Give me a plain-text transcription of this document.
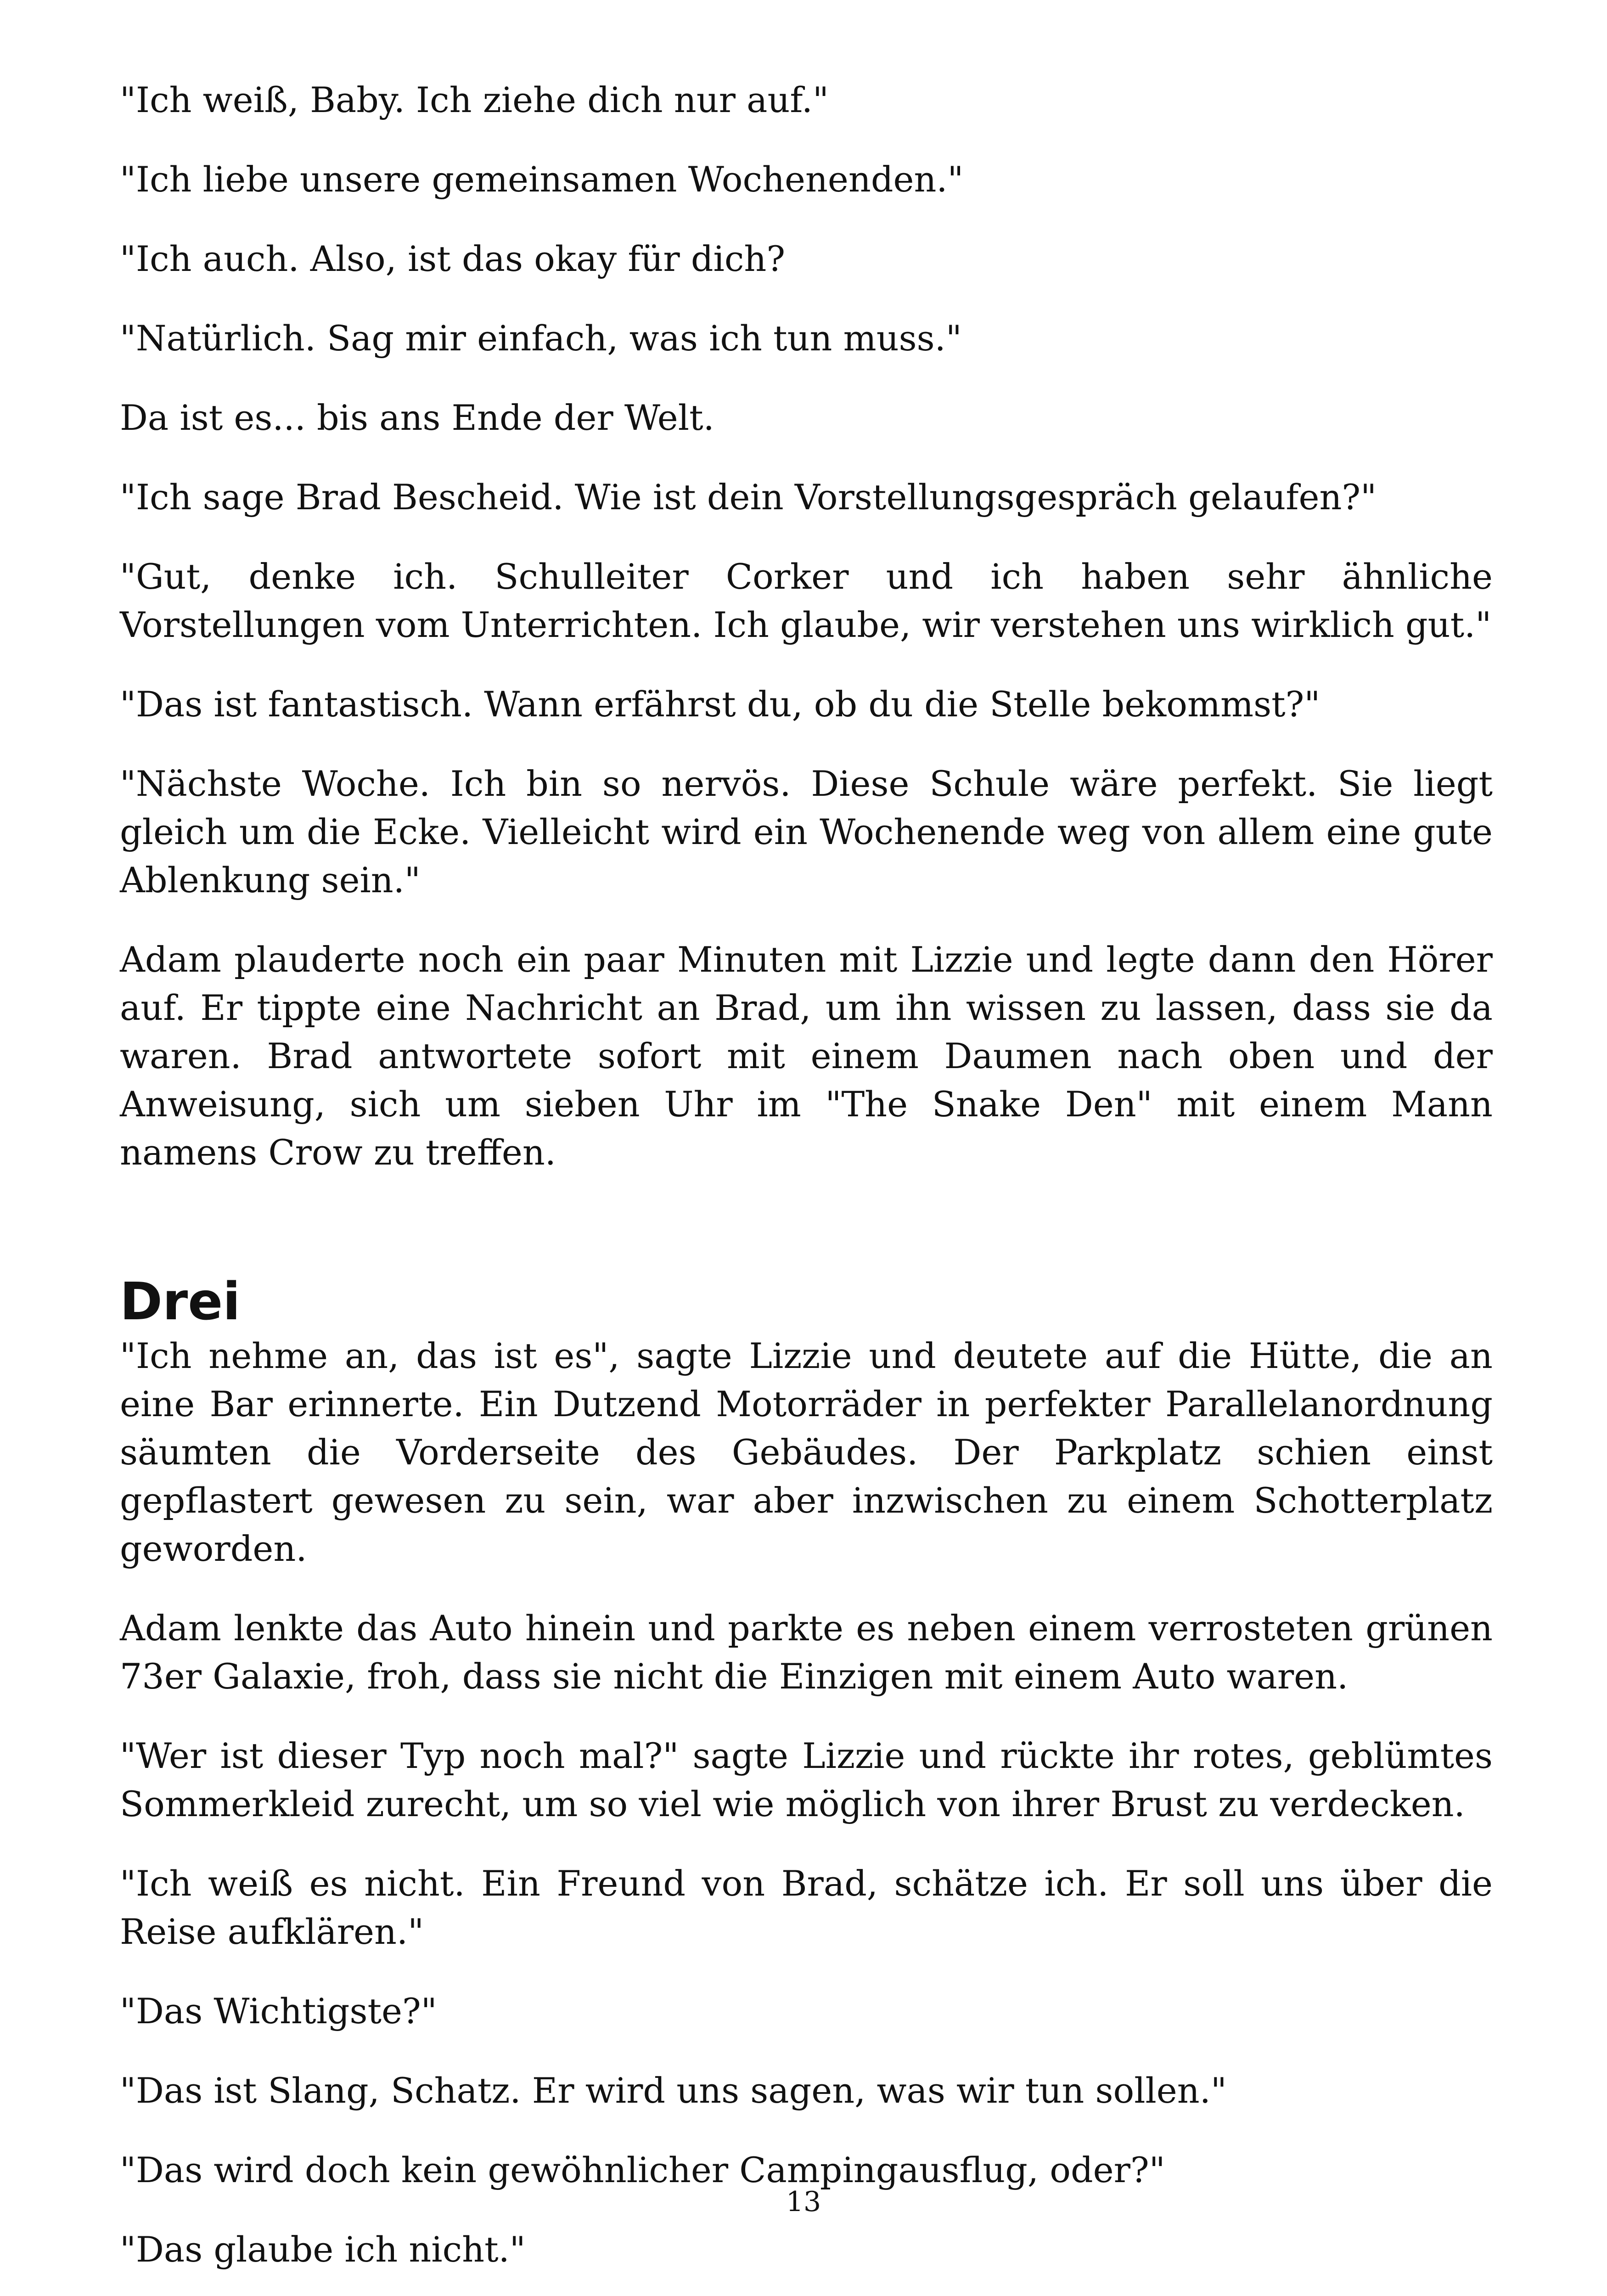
"Ich weiß, Baby. Ich ziehe dich nur auf."

"Ich liebe unsere gemeinsamen Wochenenden."

"Ich auch. Also, ist das okay für dich?

"Natürlich. Sag mir einfach, was ich tun muss."

Da ist es... bis ans Ende der Welt.

"Ich sage Brad Bescheid. Wie ist dein Vorstellungsgespräch gelaufen?"

"Gut, denke ich. Schulleiter Corker und ich haben sehr ähnliche Vorstellungen vom Unterrichten. Ich glaube, wir verstehen uns wirklich gut."

"Das ist fantastisch. Wann erfährst du, ob du die Stelle bekommst?"

"Nächste Woche. Ich bin so nervös. Diese Schule wäre perfekt. Sie liegt gleich um die Ecke. Vielleicht wird ein Wochenende weg von allem eine gute Ablenkung sein."

Adam plauderte noch ein paar Minuten mit Lizzie und legte dann den Hörer auf. Er tippte eine Nachricht an Brad, um ihn wissen zu lassen, dass sie da waren. Brad antwortete sofort mit einem Daumen nach oben und der Anweisung, sich um sieben Uhr im "The Snake Den" mit einem Mann namens Crow zu treffen.

Drei

"Ich nehme an, das ist es", sagte Lizzie und deutete auf die Hütte, die an eine Bar erinnerte. Ein Dutzend Motorräder in perfekter Parallelanordnung säumten die Vorderseite des Gebäudes. Der Parkplatz schien einst gepflastert gewesen zu sein, war aber inzwischen zu einem Schotterplatz geworden.

Adam lenkte das Auto hinein und parkte es neben einem verrosteten grünen 73er Galaxie, froh, dass sie nicht die Einzigen mit einem Auto waren.

"Wer ist dieser Typ noch mal?" sagte Lizzie und rückte ihr rotes, geblümtes Sommerkleid zurecht, um so viel wie möglich von ihrer Brust zu verdecken.

"Ich weiß es nicht. Ein Freund von Brad, schätze ich. Er soll uns über die Reise aufklären."

"Das Wichtigste?"

"Das ist Slang, Schatz. Er wird uns sagen, was wir tun sollen."

"Das wird doch kein gewöhnlicher Campingausflug, oder?"

"Das glaube ich nicht."

13
